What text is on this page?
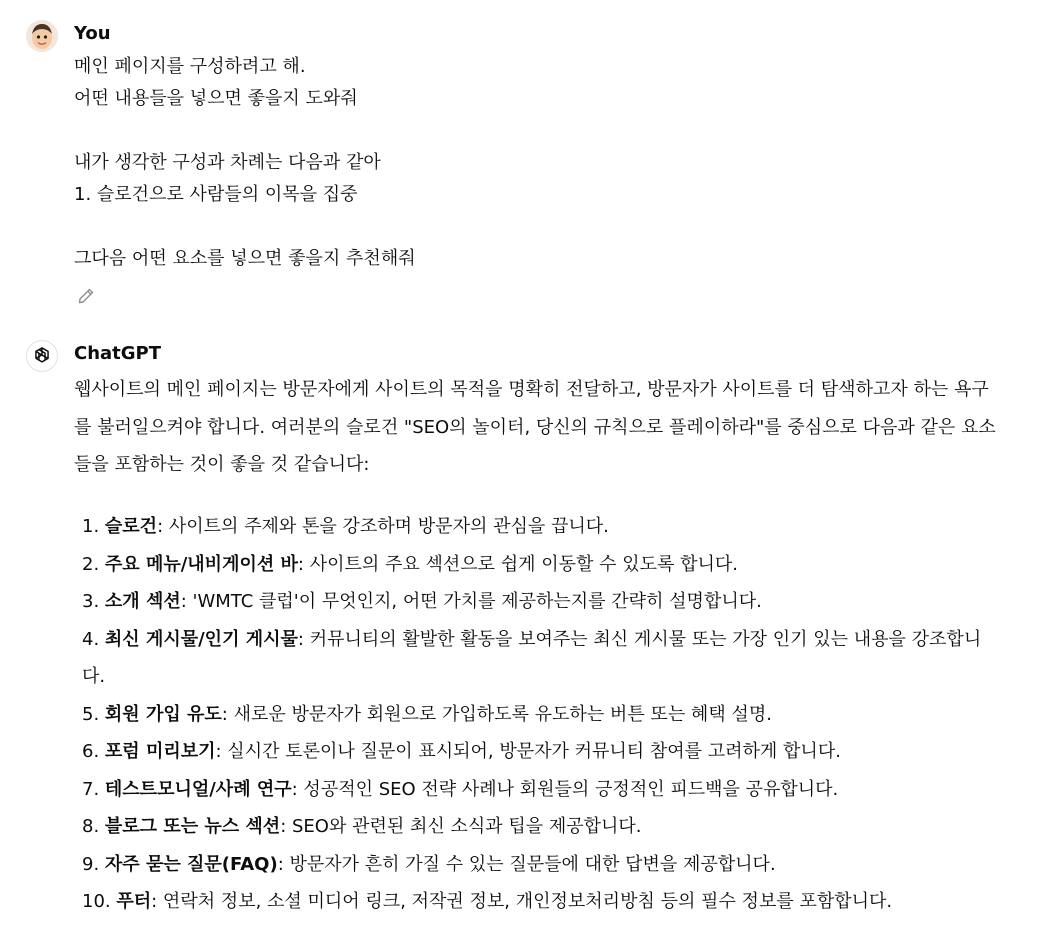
You
메인 페이지를 구성하려고 해.
어떤 내용들을 넣으면 좋을지 도와줘
내가 생각한 구성과 차례는 다음과 같아
1. 슬로건으로 사람들의 이목을 집중
그다음 어떤 요소를 넣으면 좋을지 추천해줘
ChatGPT
웹사이트의 메인 페이지는 방문자에게 사이트의 목적을 명확히 전달하고, 방문자가 사이트를 더 탐색하고자 하는 욕구를 불러일으켜야 합니다. 여러분의 슬로건 "SEO의 놀이터, 당신의 규칙으로 플레이하라"를 중심으로 다음과 같은 요소들을 포함하는 것이 좋을 것 같습니다:
1. 슬로건: 사이트의 주제와 톤을 강조하며 방문자의 관심을 끕니다.
2. 주요 메뉴/내비게이션 바: 사이트의 주요 섹션으로 쉽게 이동할 수 있도록 합니다.
3. 소개 섹션: 'WMTC 클럽'이 무엇인지, 어떤 가치를 제공하는지를 간략히 설명합니다.
4. 최신 게시물/인기 게시물: 커뮤니티의 활발한 활동을 보여주는 최신 게시물 또는 가장 인기 있는 내용을 강조합니다.
5. 회원 가입 유도: 새로운 방문자가 회원으로 가입하도록 유도하는 버튼 또는 혜택 설명.
6. 포럼 미리보기: 실시간 토론이나 질문이 표시되어, 방문자가 커뮤니티 참여를 고려하게 합니다.
7. 테스트모니얼/사례 연구: 성공적인 SEO 전략 사례나 회원들의 긍정적인 피드백을 공유합니다.
8. 블로그 또는 뉴스 섹션: SEO와 관련된 최신 소식과 팁을 제공합니다.
9. 자주 묻는 질문(FAQ): 방문자가 흔히 가질 수 있는 질문들에 대한 답변을 제공합니다.
10. 푸터: 연락처 정보, 소셜 미디어 링크, 저작권 정보, 개인정보처리방침 등의 필수 정보를 포함합니다.
